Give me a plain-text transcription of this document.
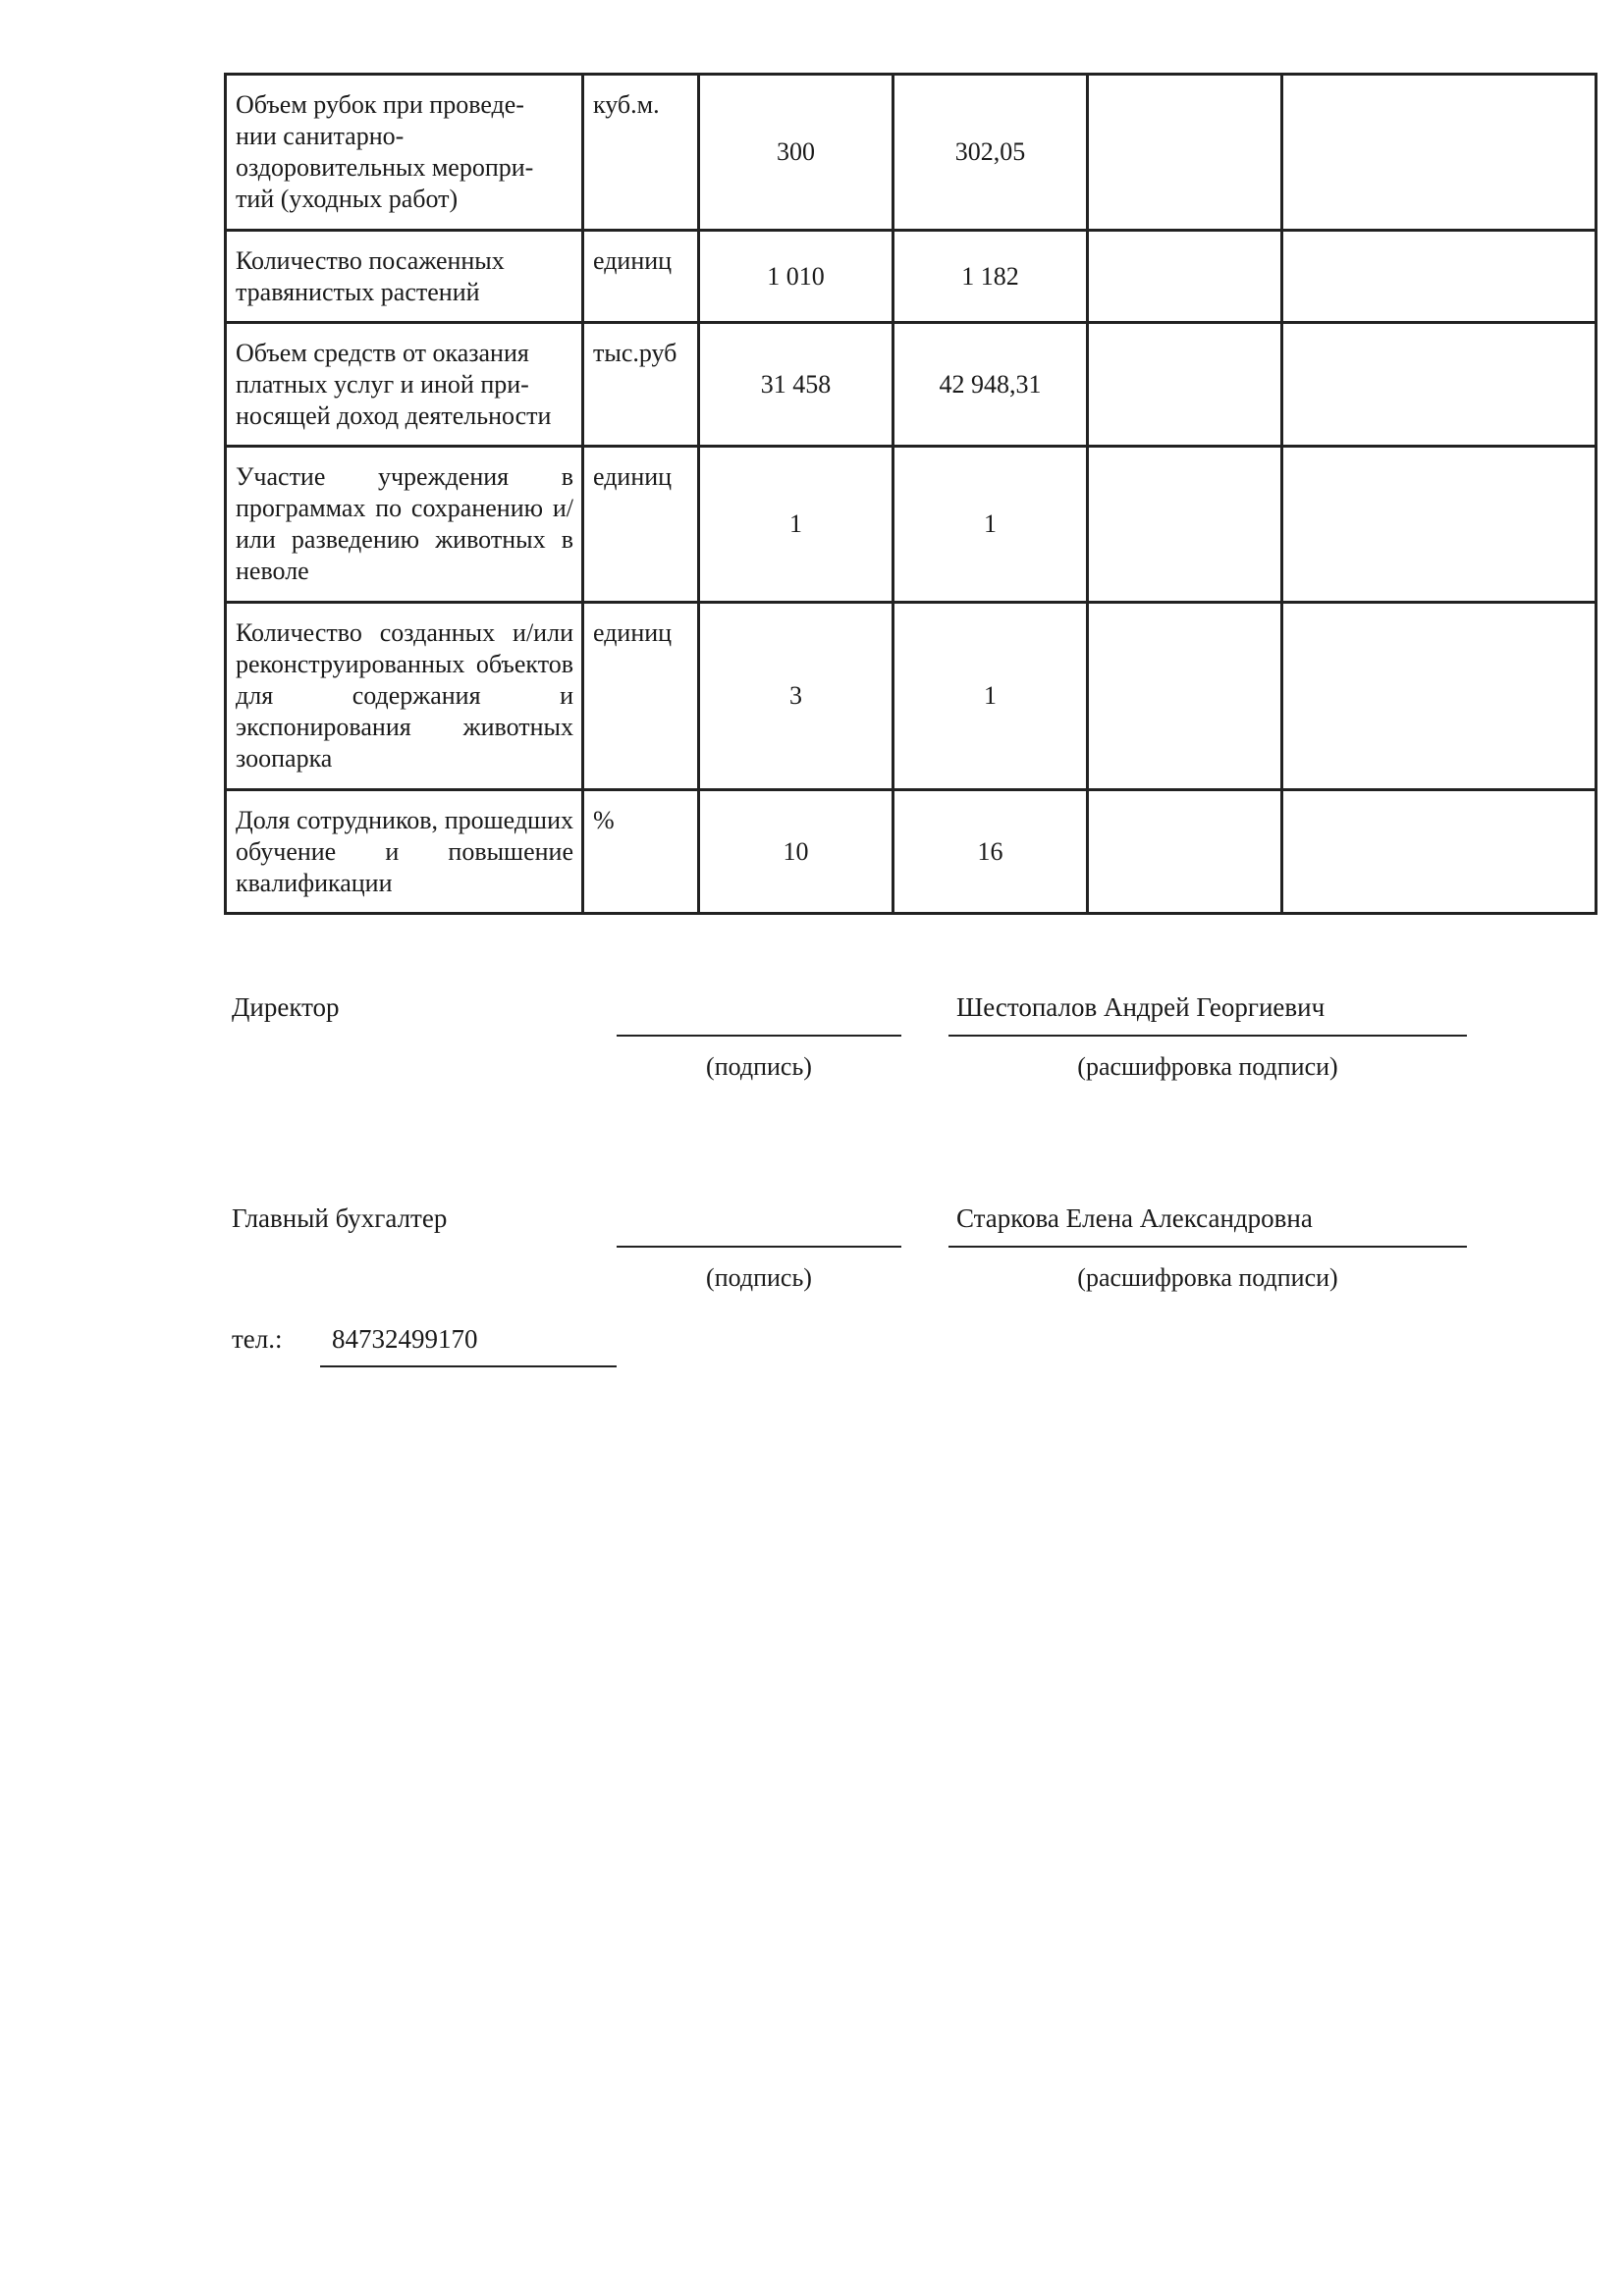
Объем рубок при проведе-
нии санитарно-
оздоровительных меропри-
тий (уходных работ)	куб.м.	300	302,05		
Количество посаженных
травянистых растений	единиц	1 010	1 182		
Объем средств от оказания
платных услуг и иной при-
носящей доход деятельности	тыс.руб	31 458	42 948,31		
Участие учреждения в программах по сохранению и/или разведению животных в неволе	единиц	1	1		
Количество созданных и/или реконструированных объектов для содержания и экспонирования животных зоопарка	единиц	3	1		
Доля сотрудников, прошедших обучение и повышение квалификации	%	10	16		
Директор	Шестопалов Андрей Георгиевич
(подпись)	(расшифровка подписи)
Главный бухгалтер	Старкова Елена Александровна
(подпись)	(расшифровка подписи)
тел.: 84732499170
